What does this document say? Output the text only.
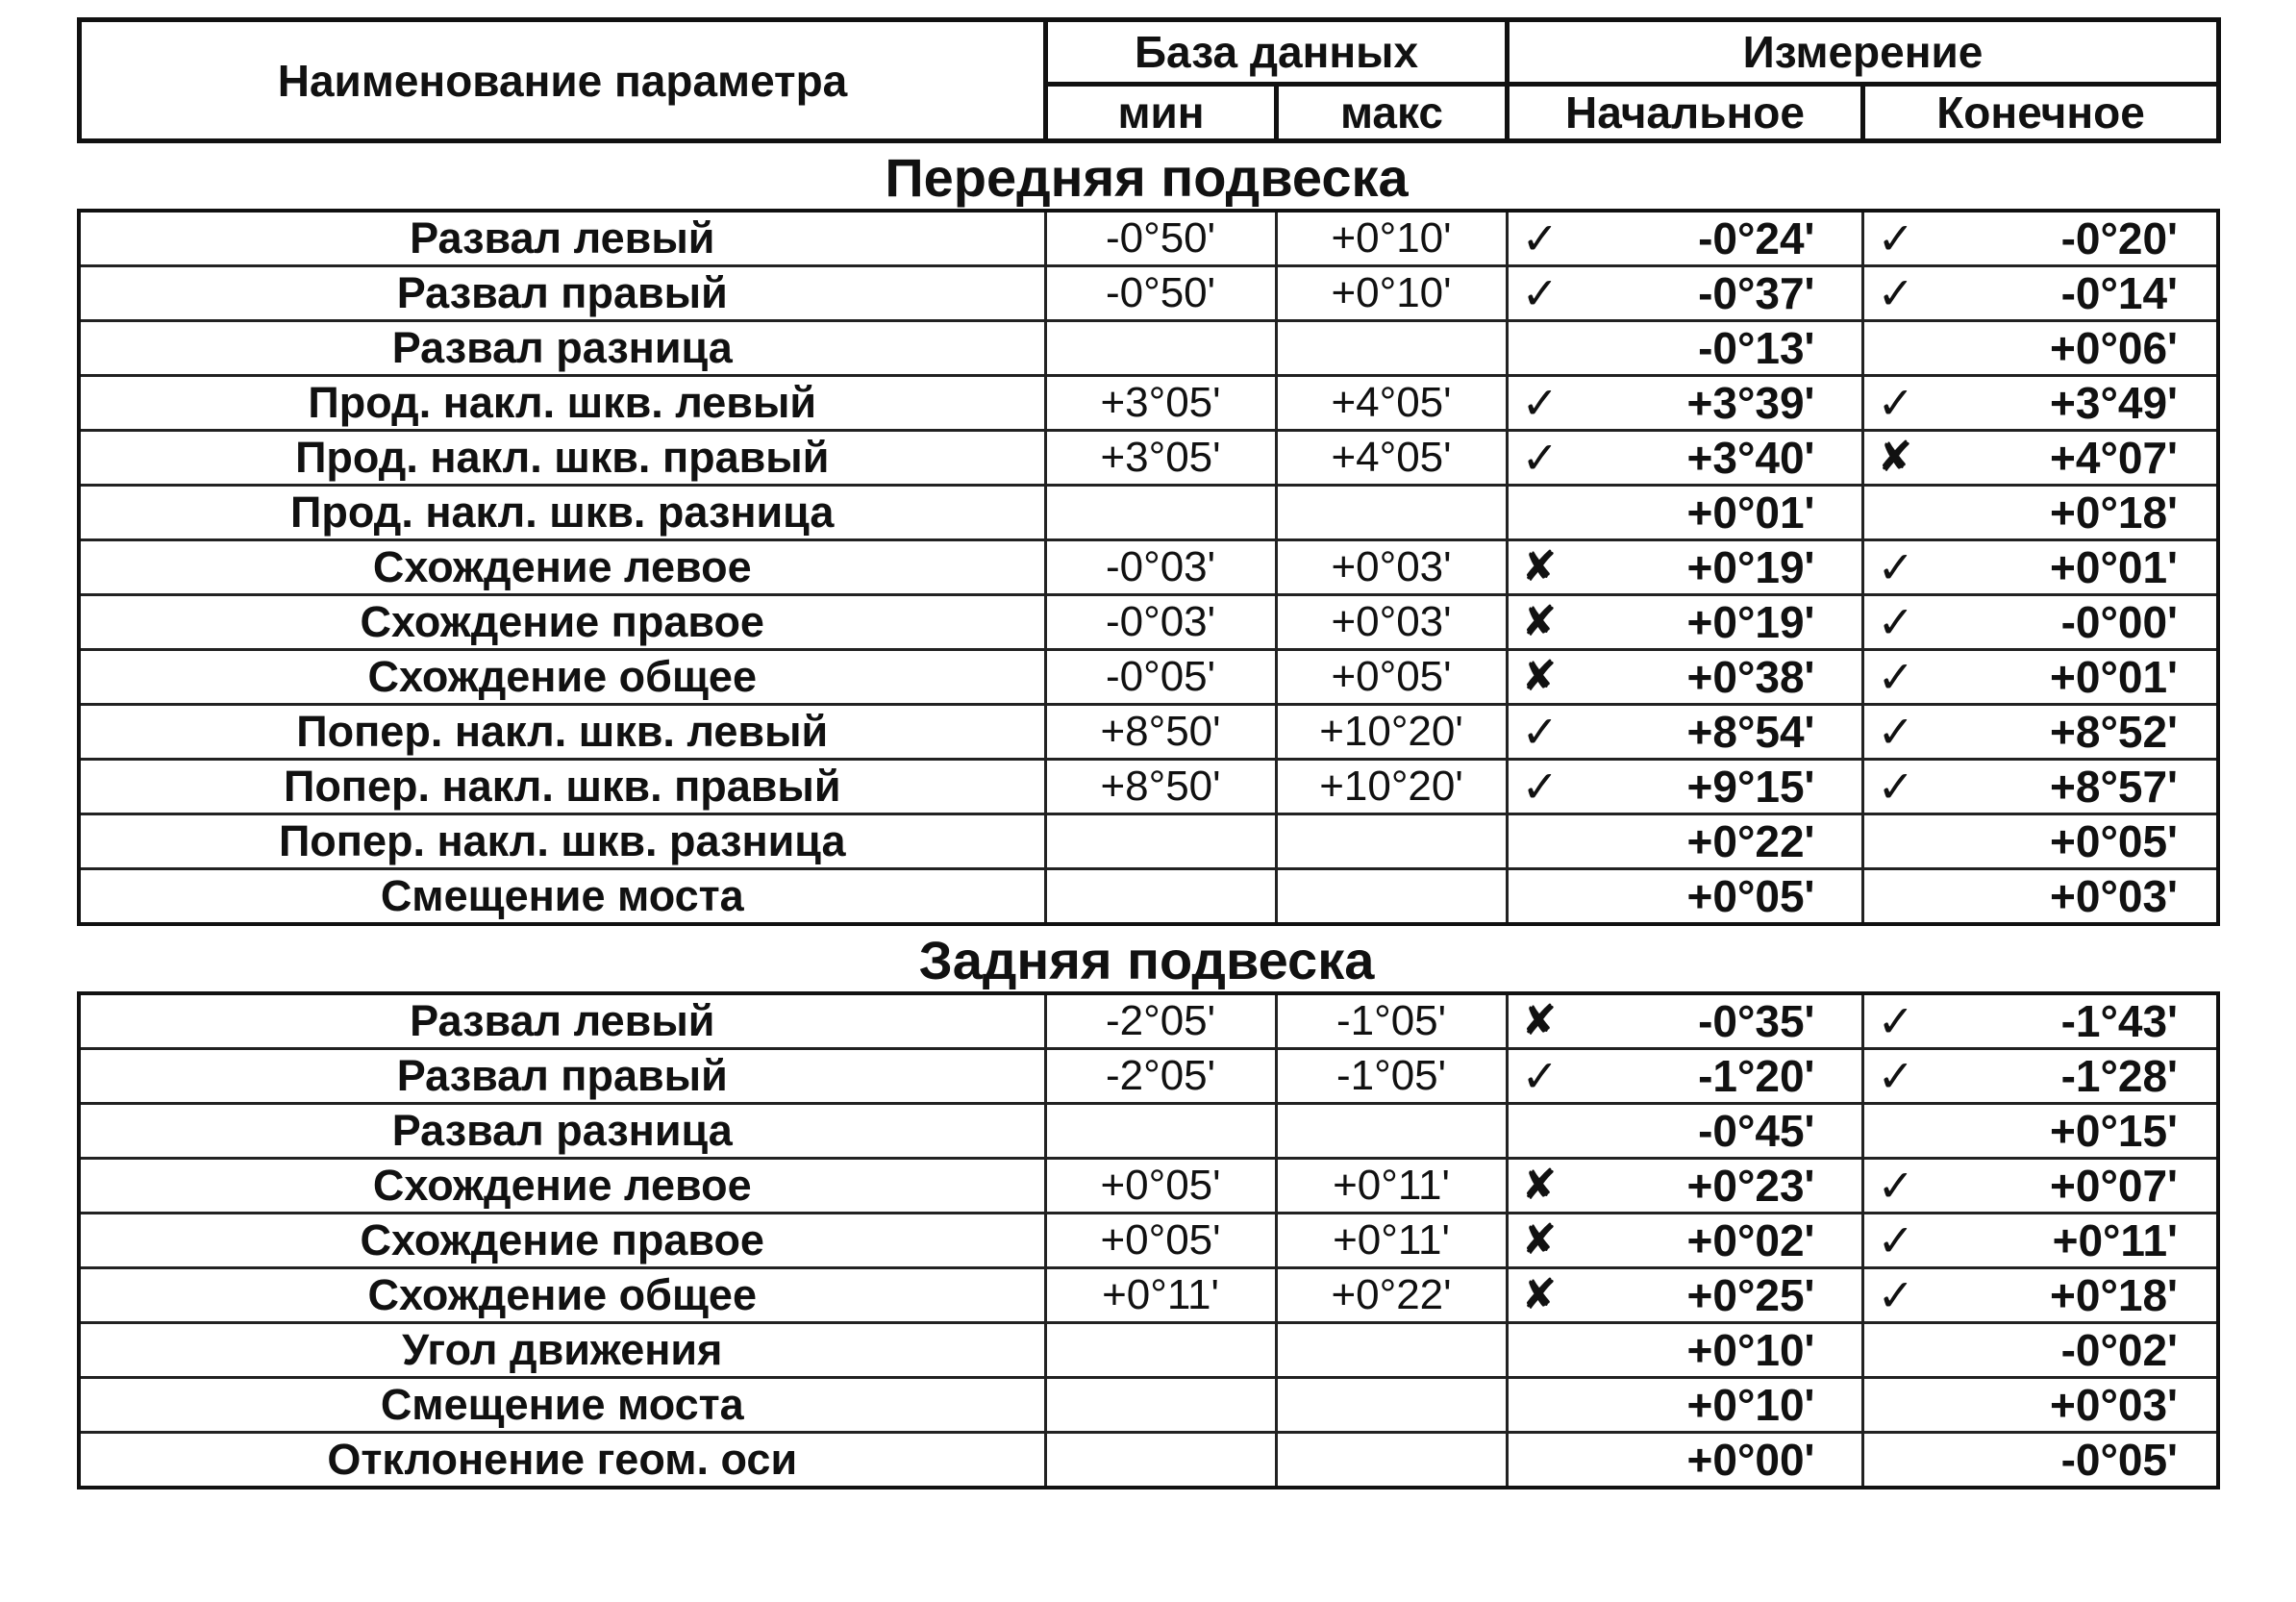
Наименование параметра	База данных		Измерение	
	мин	макс	Начальное	Конечное
Передняя подвеска
Развал левый	-0°50'	+0°10'	✓ -0°24'	✓ -0°20'

Развал правый	-0°50'	+0°10'	✓ -0°37'	✓ -0°14'

Развал разница			-0°13'	+0°06'

Прод. накл. шкв. левый	+3°05'	+4°05'	✓ +3°39'	✓ +3°49'

Прод. накл. шкв. правый	+3°05'	+4°05'	✓ +3°40'	✘ +4°07'

Прод. накл. шкв. разница			+0°01'	+0°18'

Схождение левое	-0°03'	+0°03'	✘ +0°19'	✓ +0°01'

Схождение правое	-0°03'	+0°03'	✘ +0°19'	✓ -0°00'

Схождение общее	-0°05'	+0°05'	✘ +0°38'	✓ +0°01'

Попер. накл. шкв. левый	+8°50'	+10°20'	✓ +8°54'	✓ +8°52'

Попер. накл. шкв. правый	+8°50'	+10°20'	✓ +9°15'	✓ +8°57'

Попер. накл. шкв. разница			+0°22'	+0°05'

Смещение моста			+0°05'	+0°03'
Задняя подвеска
Развал левый	-2°05'	-1°05'	✘ -0°35'	✓ -1°43'

Развал правый	-2°05'	-1°05'	✓ -1°20'	✓ -1°28'

Развал разница			-0°45'	+0°15'

Схождение левое	+0°05'	+0°11'	✘ +0°23'	✓ +0°07'

Схождение правое	+0°05'	+0°11'	✘ +0°02'	✓ +0°11'

Схождение общее	+0°11'	+0°22'	✘ +0°25'	✓ +0°18'

Угол движения			+0°10'	-0°02'

Смещение моста			+0°10'	+0°03'

Отклонение геом. оси			+0°00'	-0°05'
